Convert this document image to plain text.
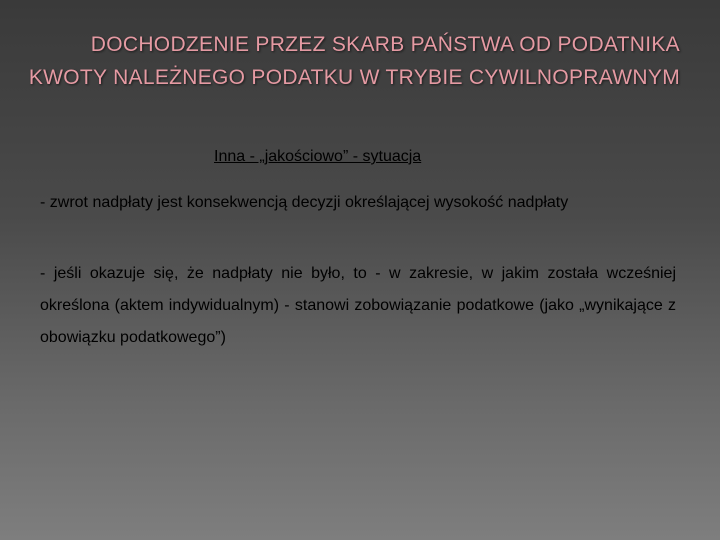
DOCHODZENIE PRZEZ SKARB PAŃSTWA OD PODATNIKA KWOTY NALEŻNEGO PODATKU W TRYBIE CYWILNOPRAWNYM
Inna - „jakościowo” - sytuacja
- zwrot nadpłaty jest konsekwencją decyzji określającej wysokość nadpłaty
- jeśli okazuje się, że nadpłaty nie było, to - w zakresie, w jakim została wcześniej określona (aktem indywidualnym) - stanowi zobowiązanie podatkowe (jako „wynikające z obowiązku podatkowego”)
